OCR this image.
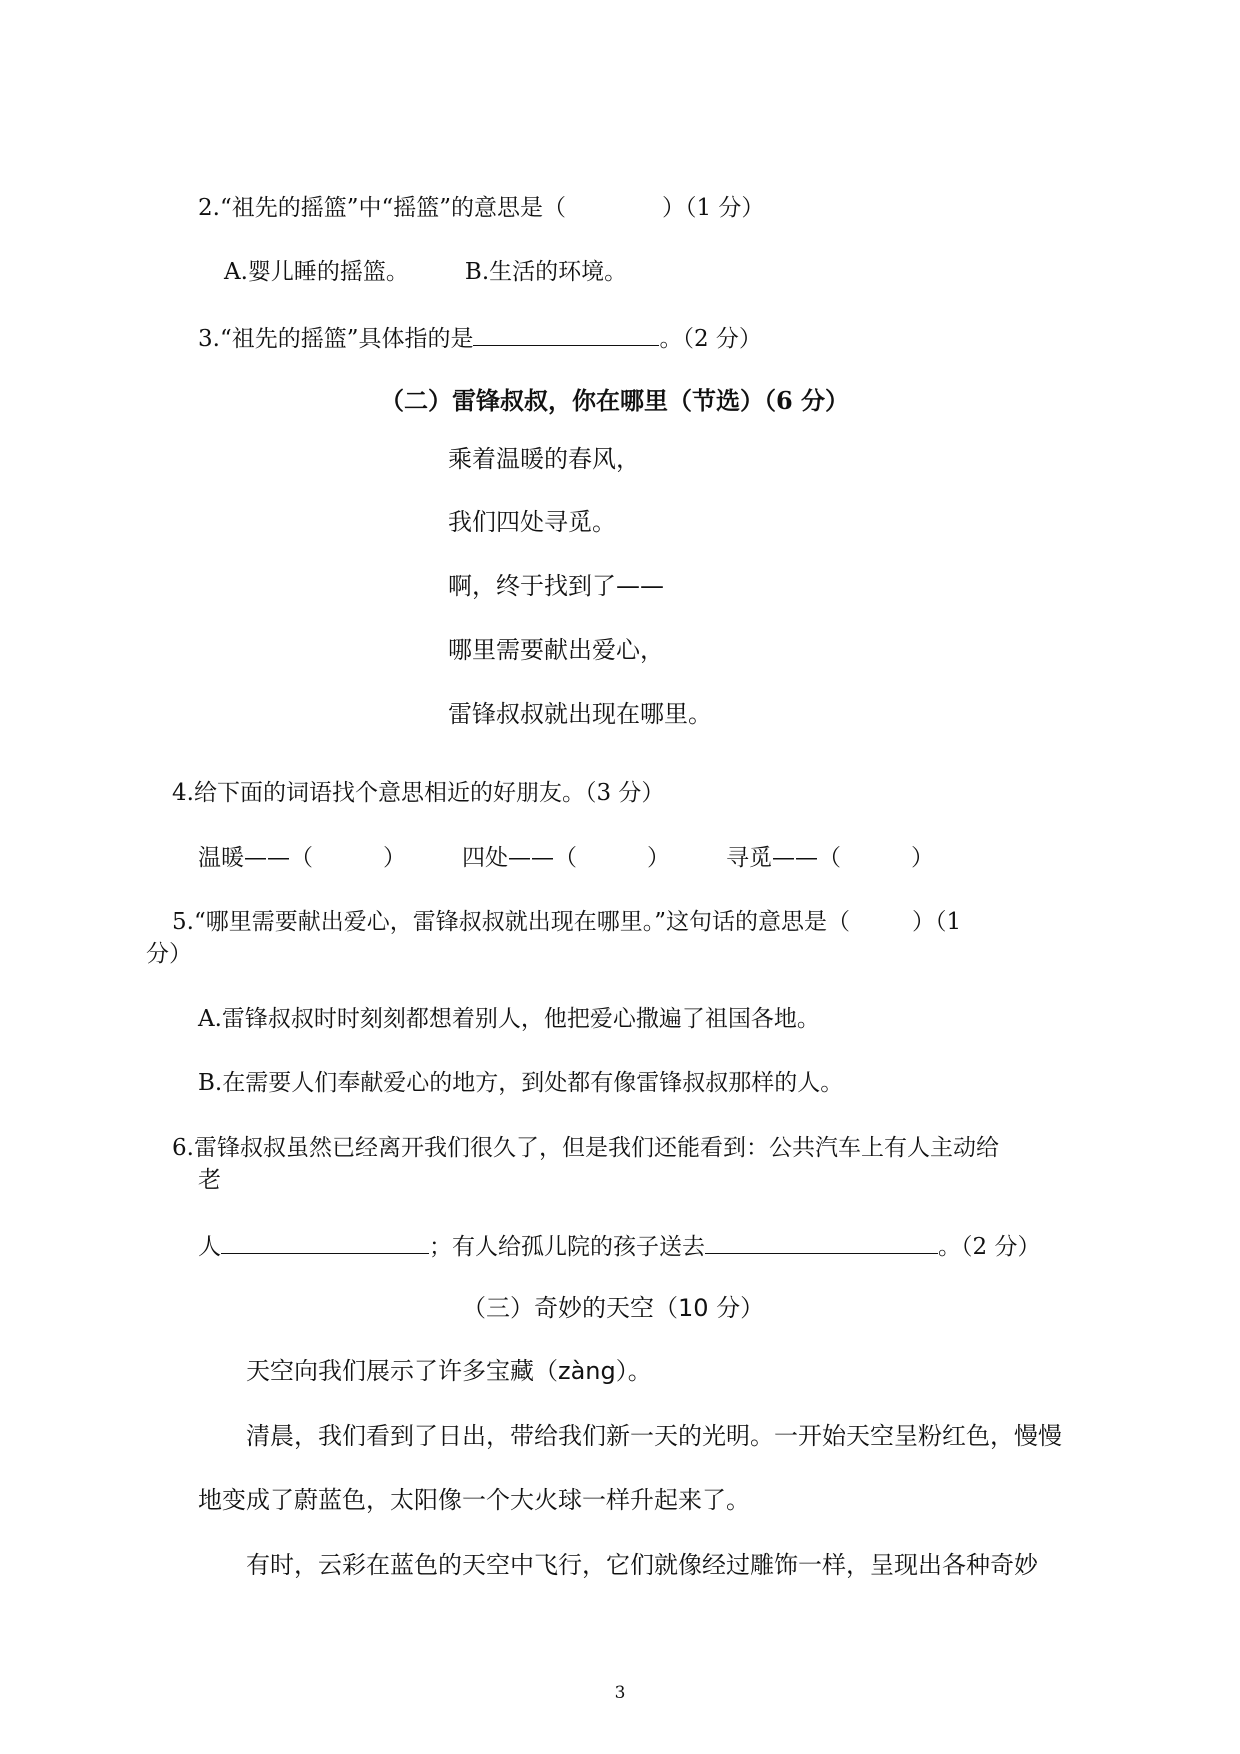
2.“祖先的摇篮”中“摇篮”的意思是（	）（1 分）
A.婴儿睡的摇篮。 B.生活的环境。
3.“祖先的摇篮”具体指的是	。（2 分）
（二）雷锋叔叔，你在哪里（节选）（6 分）
乘着温暖的春风，
我们四处寻觅。
啊，终于找到了——
哪里需要献出爱心，
雷锋叔叔就出现在哪里。
4.给下面的词语找个意思相近的好朋友。（3 分）
温暖——（	） 四处——（	） 寻觅——（	）
5.“哪里需要献出爱心，雷锋叔叔就出现在哪里。”这句话的意思是（	）（1
分）
A.雷锋叔叔时时刻刻都想着别人，他把爱心撒遍了祖国各地。
B.在需要人们奉献爱心的地方，到处都有像雷锋叔叔那样的人。
6.雷锋叔叔虽然已经离开我们很久了，但是我们还能看到：公共汽车上有人主动给
老
人	；有人给孤儿院的孩子送去	。（2 分）
（三）奇妙的天空（10 分）
天空向我们展示了许多宝藏（zàng）。
清晨，我们看到了日出，带给我们新一天的光明。一开始天空呈粉红色，慢慢
地变成了蔚蓝色，太阳像一个大火球一样升起来了。
有时，云彩在蓝色的天空中飞行，它们就像经过雕饰一样，呈现出各种奇妙
3
